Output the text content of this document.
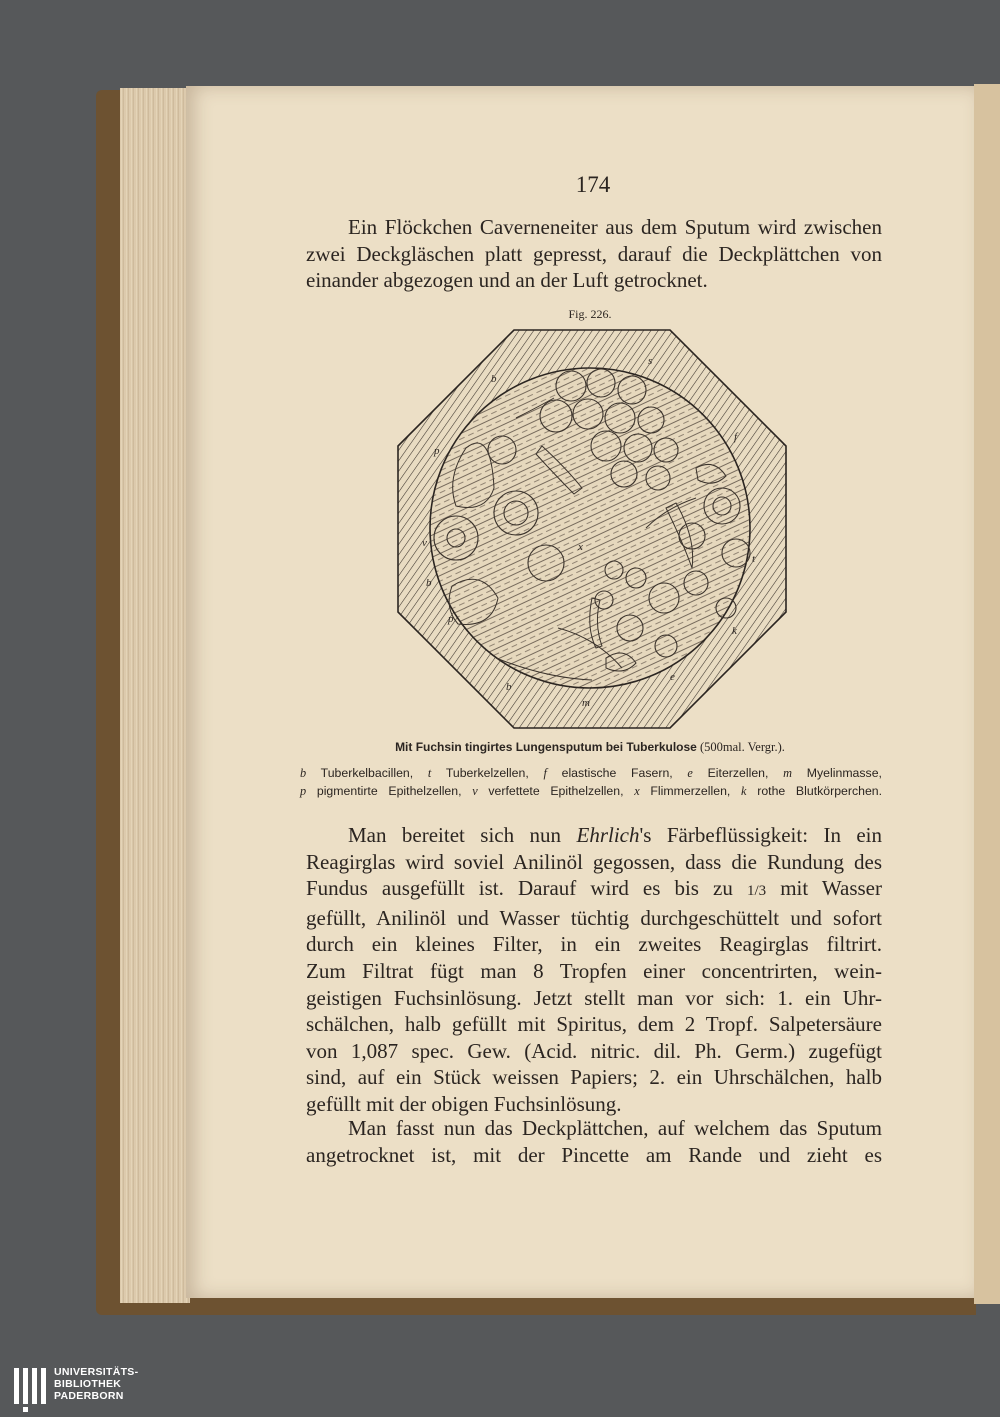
174
Ein Flöckchen Caverneneiter aus dem Sputum wird zwischen
zwei Deckgläschen platt gepresst, darauf die Deckplättchen von
einander abgezogen und an der Luft getrocknet.
Fig. 226.
s
b
f
p
v	x
t
b
p
k
b
e
m
Mit Fuchsin tingirtes Lungensputum bei Tuberkulose (500mal. Vergr.).
b Tuberkelbacillen, t Tuberkelzellen, f elastische Fasern, e Eiterzellen, m Myelinmasse,
p pigmentirte Epithelzellen, v verfettete Epithelzellen, x Flimmerzellen, k rothe Blutkörperchen.
Man bereitet sich nun Ehrlich's Färbeflüssigkeit: In ein
Reagirglas wird soviel Anilinöl gegossen, dass die Rundung des
Fundus ausgefüllt ist. Darauf wird es bis zu 1/3 mit Wasser
gefüllt, Anilinöl und Wasser tüchtig durchgeschüttelt und sofort
durch ein kleines Filter, in ein zweites Reagirglas filtrirt.
Zum Filtrat fügt man 8 Tropfen einer concentrirten, wein-
geistigen Fuchsinlösung. Jetzt stellt man vor sich: 1. ein Uhr-
schälchen, halb gefüllt mit Spiritus, dem 2 Tropf. Salpetersäure
von 1,087 spec. Gew. (Acid. nitric. dil. Ph. Germ.) zugefügt
sind, auf ein Stück weissen Papiers; 2. ein Uhrschälchen, halb
gefüllt mit der obigen Fuchsinlösung.
Man fasst nun das Deckplättchen, auf welchem das Sputum
angetrocknet ist, mit der Pincette am Rande und zieht es
UNIVERSITÄTS-
BIBLIOTHEK
PADERBORN
